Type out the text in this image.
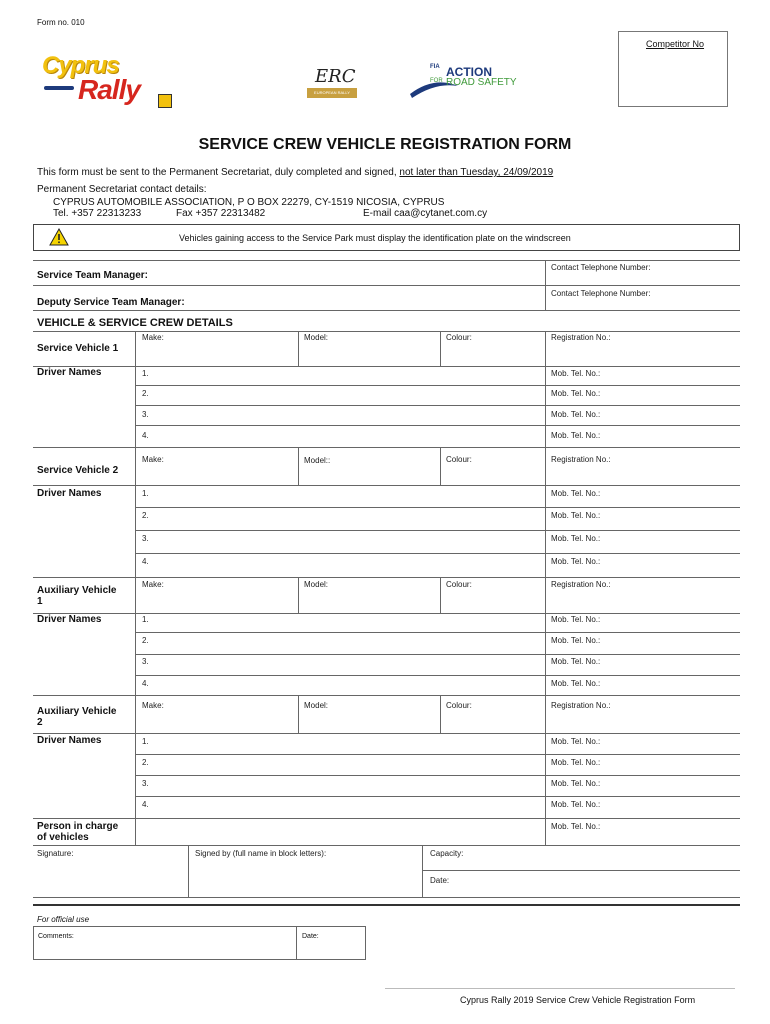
Form no. 010
Competitor No
Cyprus
Rally	ERC
EUROPEAN RALLY CHAMPIONSHIP
FIA ACTION
FOR ROAD SAFETY
SERVICE CREW VEHICLE REGISTRATION FORM
This form must be sent to the Permanent Secretariat, duly completed and signed, not later than Tuesday, 24/09/2019
Permanent Secretariat contact details:
CYPRUS AUTOMOBILE ASSOCIATION, P O BOX 22279, CY-1519 NICOSIA, CYPRUS
Tel. +357 22313233	Fax +357 22313482	E-mail caa@cytanet.com.cy
Vehicles gaining access to the Service Park must display the identification plate on the windscreen
Service Team Manager:
Contact Telephone Number:
Deputy Service Team Manager:
Contact Telephone Number:
VEHICLE & SERVICE CREW DETAILS
Service Vehicle 1
Make:	Model:	Colour:	Registration No.:
Driver Names	1.	Mob. Tel. No.:
2.	Mob. Tel. No.:
3.	Mob. Tel. No.:
4.	Mob. Tel. No.:
Service Vehicle 2
Make:	Model::	Colour:	Registration No.:
Driver Names	1.	Mob. Tel. No.:
2.	Mob. Tel. No.:
3.	Mob. Tel. No.:
4.	Mob. Tel. No.:
Auxiliary Vehicle
1
Make:	Model:	Colour:	Registration No.:
Driver Names	1.	Mob. Tel. No.:
2.	Mob. Tel. No.:
3.	Mob. Tel. No.:
4.	Mob. Tel. No.:
Auxiliary Vehicle
2
Make:	Model:	Colour:	Registration No.:
Driver Names	1.	Mob. Tel. No.:
2.	Mob. Tel. No.:
3.	Mob. Tel. No.:
4.	Mob. Tel. No.:
Person in charge
of vehicles
Mob. Tel. No.:
Signature:	Signed by (full name in block letters):	Capacity:
Date:
For official use
Comments:	Date:
Cyprus Rally 2019 Service Crew Vehicle Registration Form
